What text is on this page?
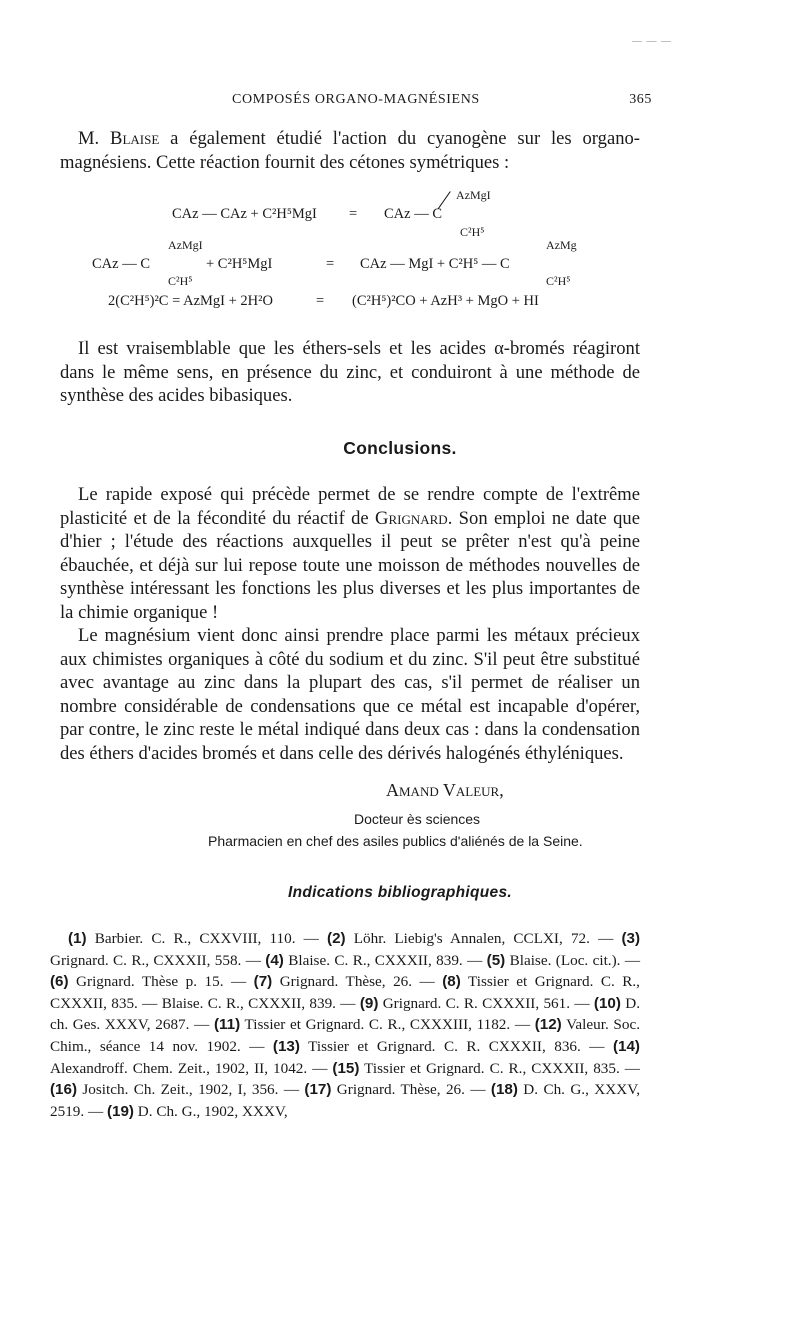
— — —
COMPOSÉS ORGANO-MAGNÉSIENS	365
M. Blaise a également étudié l'action du cyanogène sur les organo-magnésiens. Cette réaction fournit des cétones symétriques :
CAz — CAz + C²H⁵MgI = CAz — C ⁄ AzMgI
C²H⁵
CAz — C
AzMgI
C²H⁵
+ C²H⁵MgI	= CAz — MgI + C²H⁵ — C
AzMg
C²H⁵
2(C²H⁵)²C = AzMgI + 2H²O	= (C²H⁵)²CO + AzH³ + MgO + HI
Il est vraisemblable que les éthers-sels et les acides α-bromés réagiront dans le même sens, en présence du zinc, et conduiront à une méthode de synthèse des acides bibasiques.
Conclusions.
Le rapide exposé qui précède permet de se rendre compte de l'extrême plasticité et de la fécondité du réactif de Grignard. Son emploi ne date que d'hier ; l'étude des réactions auxquelles il peut se prêter n'est qu'à peine ébauchée, et déjà sur lui repose toute une moisson de méthodes nouvelles de synthèse intéressant les fonctions les plus diverses et les plus importantes de la chimie organique !
Le magnésium vient donc ainsi prendre place parmi les métaux précieux aux chimistes organiques à côté du sodium et du zinc. S'il peut être substitué avec avantage au zinc dans la plupart des cas, s'il permet de réaliser un nombre considérable de condensations que ce métal est incapable d'opérer, par contre, le zinc reste le métal indiqué dans deux cas : dans la condensation des éthers d'acides bromés et dans celle des dérivés halogénés éthyléniques.
Amand Valeur,
Docteur ès sciences
Pharmacien en chef des asiles publics d'aliénés de la Seine.
Indications bibliographiques.
(1) Barbier. C. R., CXXVIII, 110. — (2) Löhr. Liebig's Annalen, CCLXI, 72. — (3) Grignard. C. R., CXXXII, 558. — (4) Blaise. C. R., CXXXII, 839. — (5) Blaise. (Loc. cit.). — (6) Grignard. Thèse p. 15. — (7) Grignard. Thèse, 26. — (8) Tissier et Grignard. C. R., CXXXII, 835. — Blaise. C. R., CXXXII, 839. — (9) Grignard. C. R. CXXXII, 561. — (10) D. ch. Ges. XXXV, 2687. — (11) Tissier et Grignard. C. R., CXXXIII, 1182. — (12) Valeur. Soc. Chim., séance 14 nov. 1902. — (13) Tissier et Grignard. C. R. CXXXII, 836. — (14) Alexandroff. Chem. Zeit., 1902, II, 1042. — (15) Tissier et Grignard. C. R., CXXXII, 835. — (16) Jositch. Ch. Zeit., 1902, I, 356. — (17) Grignard. Thèse, 26. — (18) D. Ch. G., XXXV, 2519. — (19) D. Ch. G., 1902, XXXV,
